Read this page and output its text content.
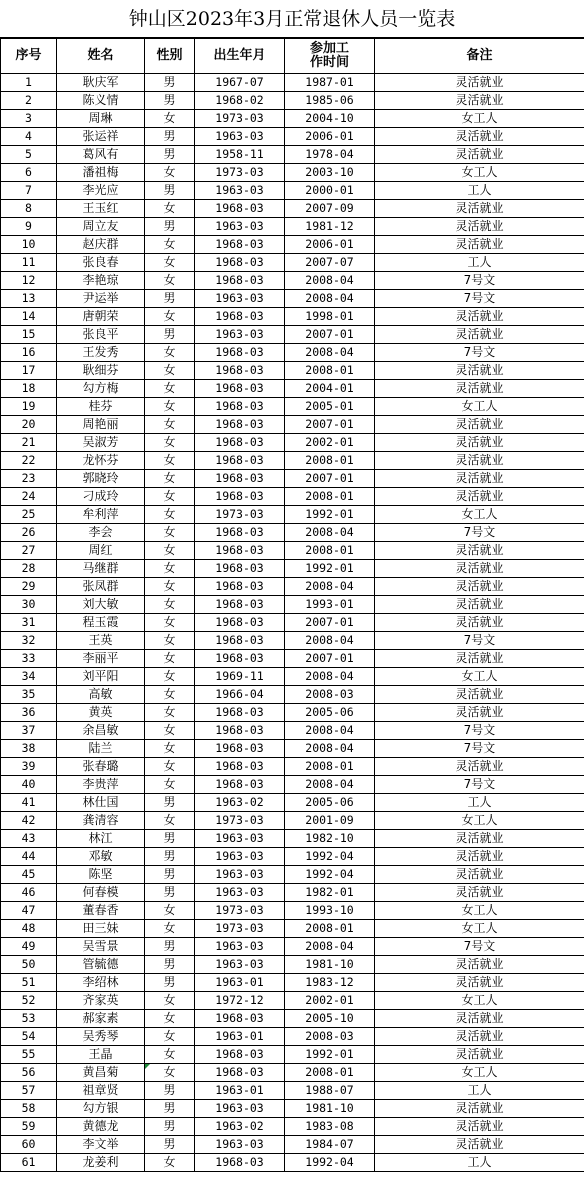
钟山区2023年3月正常退休人员一览表
序号	姓名	性别	出生年月	参加工作时间	备注
1	耿庆军	男	1967-07	1987-01	灵活就业
2	陈义情	男	1968-02	1985-06	灵活就业
3	周琳	女	1973-03	2004-10	女工人
4	张运祥	男	1963-03	2006-01	灵活就业
5	葛风有	男	1958-11	1978-04	灵活就业
6	潘祖梅	女	1973-03	2003-10	女工人
7	李光应	男	1963-03	2000-01	工人
8	王玉红	女	1968-03	2007-09	灵活就业
9	周立友	男	1963-03	1981-12	灵活就业
10	赵庆群	女	1968-03	2006-01	灵活就业
11	张良春	女	1968-03	2007-07	工人
12	李艳琼	女	1968-03	2008-04	7号文
13	尹运举	男	1963-03	2008-04	7号文
14	唐朝荣	女	1968-03	1998-01	灵活就业
15	张良平	男	1963-03	2007-01	灵活就业
16	王发秀	女	1968-03	2008-04	7号文
17	耿细芬	女	1968-03	2008-01	灵活就业
18	勾方梅	女	1968-03	2004-01	灵活就业
19	桂芬	女	1968-03	2005-01	女工人
20	周艳丽	女	1968-03	2007-01	灵活就业
21	吴淑芳	女	1968-03	2002-01	灵活就业
22	龙怀芬	女	1968-03	2008-01	灵活就业
23	郭晓玲	女	1968-03	2007-01	灵活就业
24	刁成玲	女	1968-03	2008-01	灵活就业
25	牟利萍	女	1973-03	1992-01	女工人
26	李会	女	1968-03	2008-04	7号文
27	周红	女	1968-03	2008-01	灵活就业
28	马继群	女	1968-03	1992-01	灵活就业
29	张凤群	女	1968-03	2008-04	灵活就业
30	刘大敏	女	1968-03	1993-01	灵活就业
31	程玉霞	女	1968-03	2007-01	灵活就业
32	王英	女	1968-03	2008-04	7号文
33	李丽平	女	1968-03	2007-01	灵活就业
34	刘平阳	女	1969-11	2008-04	女工人
35	高敏	女	1966-04	2008-03	灵活就业
36	黄英	女	1968-03	2005-06	灵活就业
37	余昌敏	女	1968-03	2008-04	7号文
38	陆兰	女	1968-03	2008-04	7号文
39	张春璐	女	1968-03	2008-01	灵活就业
40	李贵萍	女	1968-03	2008-04	7号文
41	林仕国	男	1963-02	2005-06	工人
42	龚清容	女	1973-03	2001-09	女工人
43	林江	男	1963-03	1982-10	灵活就业
44	邓敏	男	1963-03	1992-04	灵活就业
45	陈坚	男	1963-03	1992-04	灵活就业
46	何春模	男	1963-03	1982-01	灵活就业
47	董春香	女	1973-03	1993-10	女工人
48	田三妹	女	1973-03	2008-01	女工人
49	吴雪景	男	1963-03	2008-04	7号文
50	管毓德	男	1963-03	1981-10	灵活就业
51	李绍林	男	1963-01	1983-12	灵活就业
52	齐家英	女	1972-12	2002-01	女工人
53	郝家素	女	1968-03	2005-10	灵活就业
54	吴秀琴	女	1963-01	2008-03	灵活就业
55	王晶	女	1968-03	1992-01	灵活就业
56	黄昌菊	女	1968-03	2008-01	女工人
57	祖章贤	男	1963-01	1988-07	工人
58	勾方银	男	1963-03	1981-10	灵活就业
59	黄德龙	男	1963-02	1983-08	灵活就业
60	李文举	男	1963-03	1984-07	灵活就业
61	龙姜利	女	1968-03	1992-04	工人
